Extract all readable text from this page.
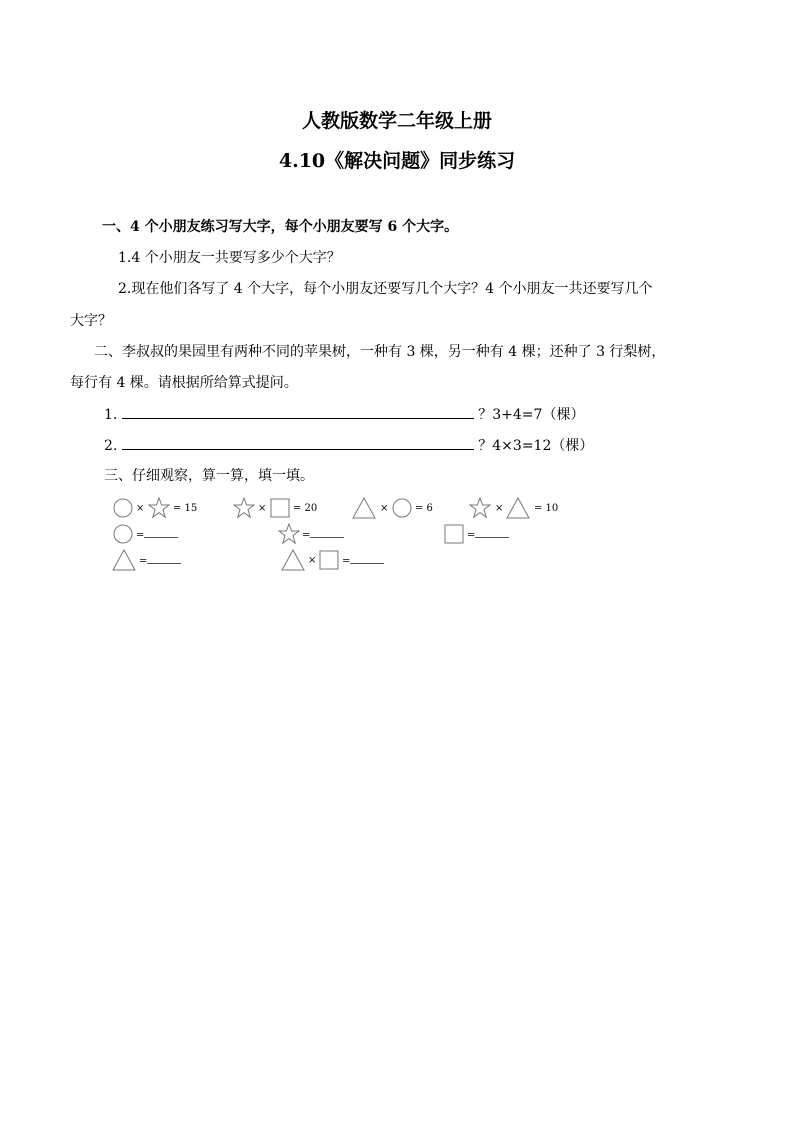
人教版数学二年级上册
4.10《解决问题》同步练习
一、4 个小朋友练习写大字，每个小朋友要写 6 个大字。
1.4 个小朋友一共要写多少个大字？
2.现在他们各写了 4 个大字，每个小朋友还要写几个大字？4 个小朋友一共还要写几个
大字？
二、李叔叔的果园里有两种不同的苹果树，一种有 3 棵，另一种有 4 棵；还种了 3 行梨树，
每行有 4 棵。请根据所给算式提问。
1.	？3+4=7（棵）
2.	？4×3=12（棵）
三、仔细观察，算一算，填一填。
×	= 15	×	= 20	×	= 6	×	= 10
=	=	=
=	×	=
